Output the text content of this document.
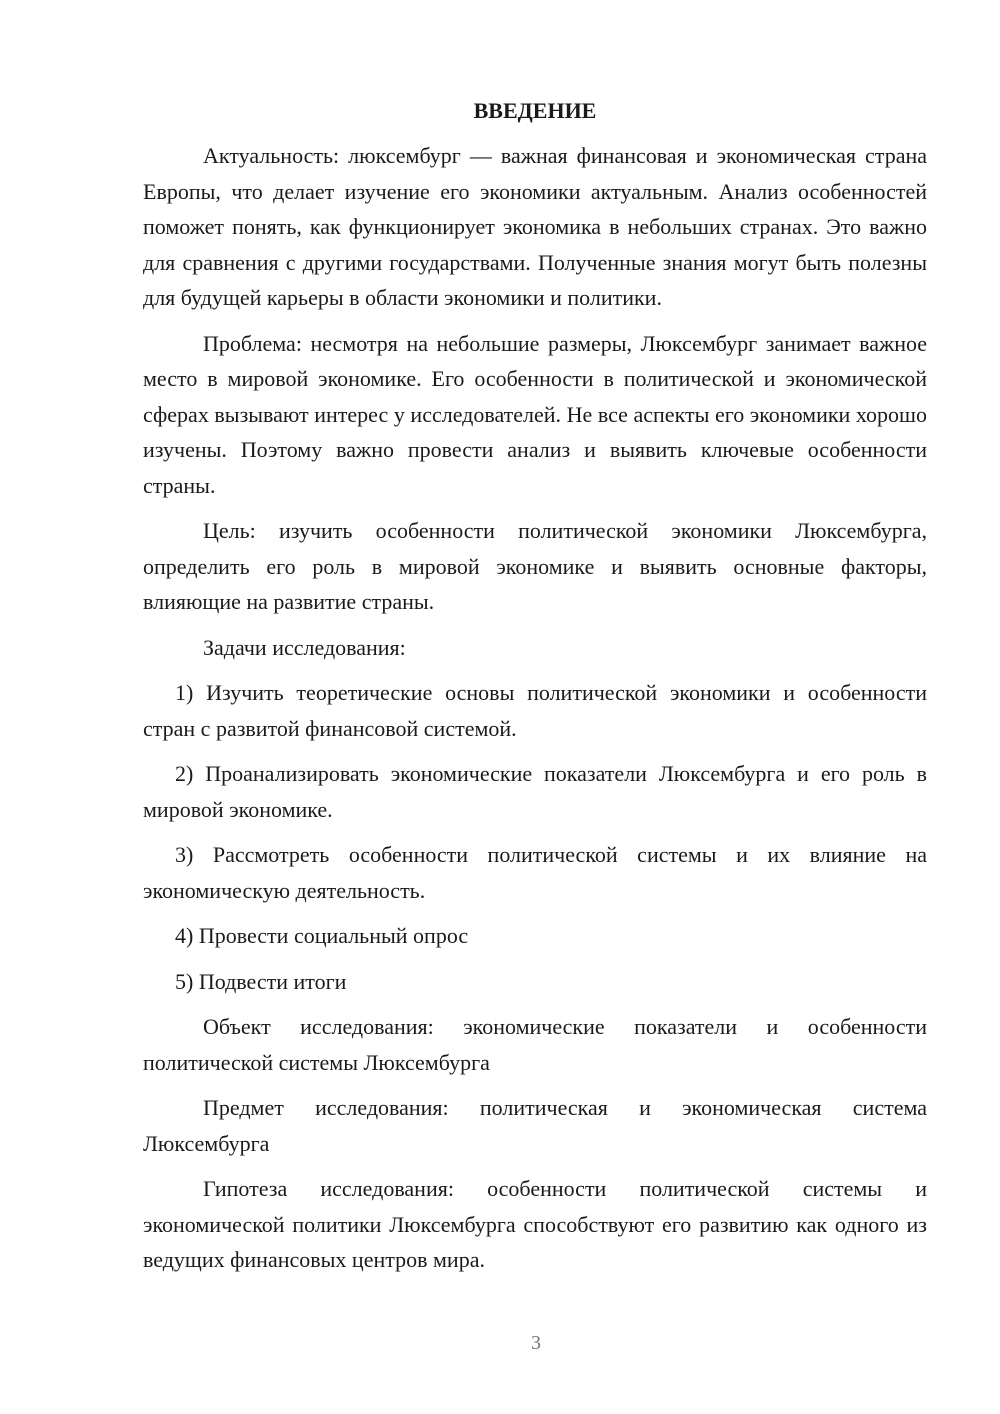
ВВЕДЕНИЕ

Актуальность: люксембург — важная финансовая и экономическая страна Европы, что делает изучение его экономики актуальным. Анализ особенностей поможет понять, как функционирует экономика в небольших странах. Это важно для сравнения с другими государствами. Полученные знания могут быть полезны для будущей карьеры в области экономики и политики.

Проблема: несмотря на небольшие размеры, Люксембург занимает важное место в мировой экономике. Его особенности в политической и экономической сферах вызывают интерес у исследователей. Не все аспекты его экономики хорошо изучены. Поэтому важно провести анализ и выявить ключевые особенности страны.

Цель: изучить особенности политической экономики Люксембурга, определить его роль в мировой экономике и выявить основные факторы, влияющие на развитие страны.

Задачи исследования:

1) Изучить теоретические основы политической экономики и особенности стран с развитой финансовой системой.

2) Проанализировать экономические показатели Люксембурга и его роль в мировой экономике.

3) Рассмотреть особенности политической системы и их влияние на экономическую деятельность.

4) Провести социальный опрос

5) Подвести итоги

Объект исследования: экономические показатели и особенности политической системы Люксембурга

Предмет исследования: политическая и экономическая система Люксембурга

Гипотеза исследования: особенности политической системы и экономической политики Люксембурга способствуют его развитию как одного из ведущих финансовых центров мира.

3
